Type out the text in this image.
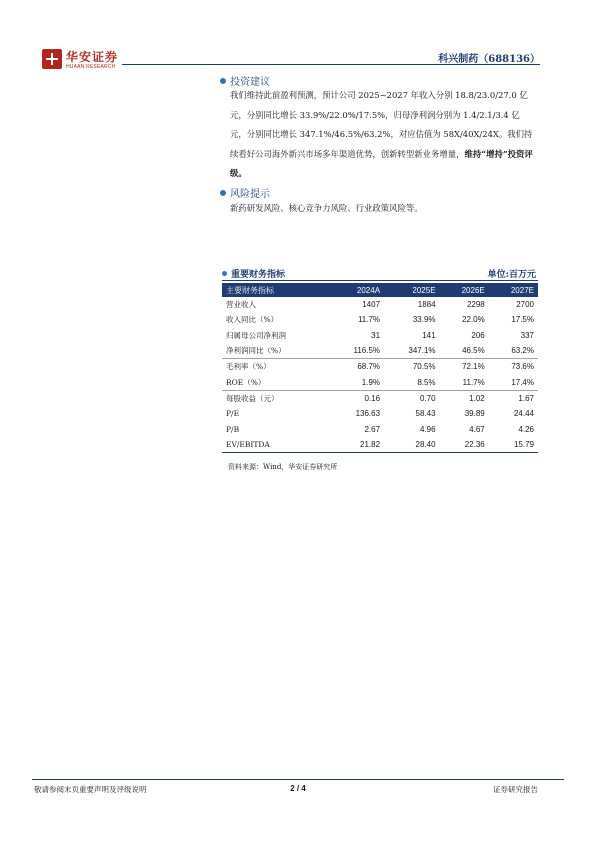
华安证券
HUAAN RESEARCH
科兴制药（688136）
投资建议
我们维持此前盈利预测，预计公司 2025~2027 年收入分别 18.8/23.0/27.0 亿元，分别同比增长 33.9%/22.0%/17.5%，归母净利润分别为 1.4/2.1/3.4 亿元，分别同比增长 347.1%/46.5%/63.2%，对应估值为 58X/40X/24X。我们持续看好公司海外新兴市场多年渠道优势，创新转型新业务增量，维持“增持”投资评级。
风险提示
新药研发风险、核心竞争力风险、行业政策风险等。
重要财务指标	单位:百万元
主要财务指标	2024A	2025E	2026E	2027E
营业收入	1407	1884	2298	2700
收入同比（%）	11.7%	33.9%	22.0%	17.5%
归属母公司净利润	31	141	206	337
净利润同比（%）	116.5%	347.1%	46.5%	63.2%
毛利率（%）	68.7%	70.5%	72.1%	73.6%
ROE（%）	1.9%	8.5%	11.7%	17.4%
每股收益（元）	0.16	0.70	1.02	1.67
P/E	136.63	58.43	39.89	24.44
P/B	2.67	4.96	4.67	4.26
EV/EBITDA	21.82	28.40	22.36	15.79
资料来源：Wind，华安证券研究所
敬请参阅末页重要声明及评级说明	2 / 4	证券研究报告
